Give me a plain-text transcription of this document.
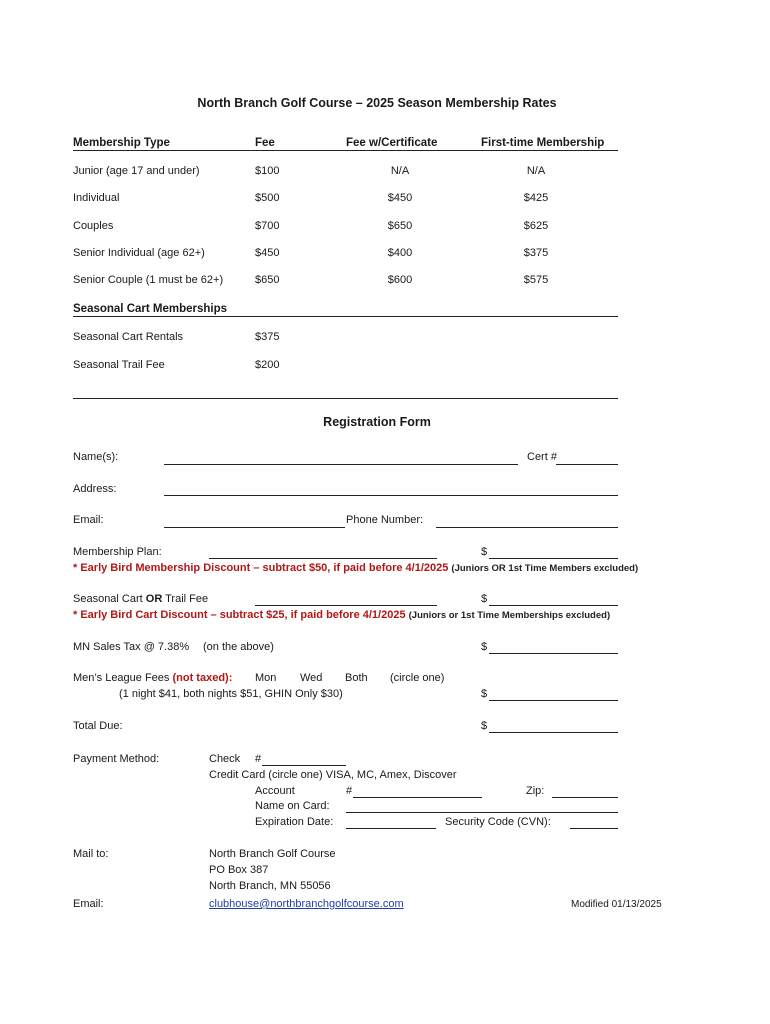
North Branch Golf Course – 2025 Season Membership Rates
Membership Type	Fee	Fee w/Certificate	First-time Membership
Junior (age 17 and under)	$100	N/A	N/A
Individual	$500	$450	$425
Couples	$700	$650	$625
Senior Individual (age 62+)	$450	$400	$375
Senior Couple (1 must be 62+)	$650	$600	$575
Seasonal Cart Memberships
Seasonal Cart Rentals	$375
Seasonal Trail Fee	$200
Registration Form
Name(s):	Cert #
Address:
Email:	Phone Number:
Membership Plan:	$
* Early Bird Membership Discount – subtract $50, if paid before 4/1/2025 (Juniors OR 1st Time Members excluded)
Seasonal Cart OR Trail Fee	$
* Early Bird Cart Discount – subtract $25, if paid before 4/1/2025 (Juniors or 1st Time Memberships excluded)
MN Sales Tax @ 7.38% (on the above)	$
Men’s League Fees (not taxed): Mon Wed Both (circle one)
(1 night $41, both nights $51, GHIN Only $30)	$
Total Due:	$
Payment Method:	Check #
Credit Card (circle one) VISA, MC, Amex, Discover
Account	#	Zip:
Name on Card:
Expiration Date:	Security Code (CVN):
Mail to:	North Branch Golf Course
PO Box 387
North Branch, MN 55056
Email:	clubhouse@northbranchgolfcourse.com	Modified 01/13/2025
